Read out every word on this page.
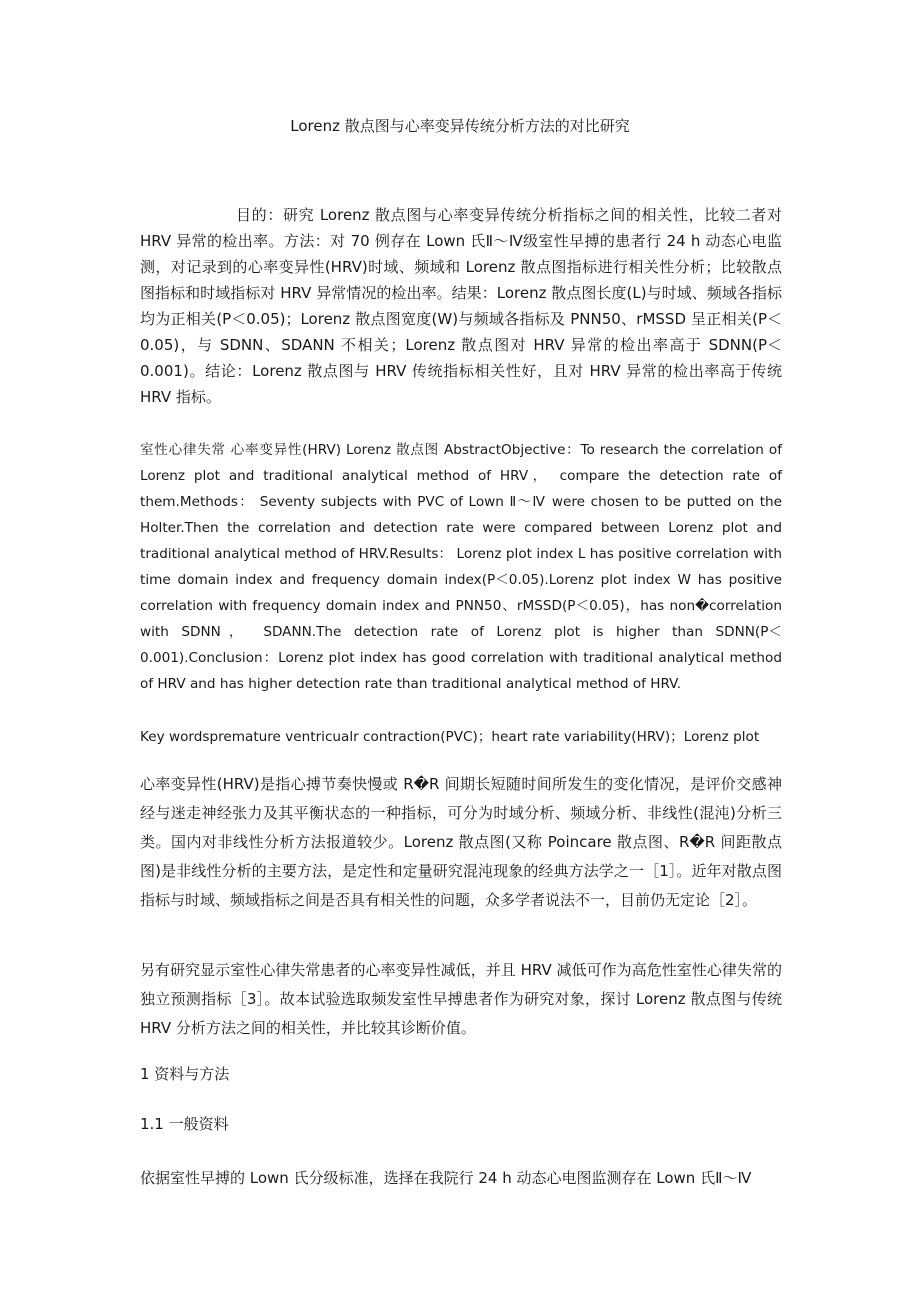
Lorenz 散点图与心率变异传统分析方法的对比研究

目的：研究 Lorenz 散点图与心率变异传统分析指标之间的相关性，比较二者对 HRV 异常的检出率。方法：对 70 例存在 Lown 氏Ⅱ～Ⅳ级室性早搏的患者行 24 h 动态心电监测，对记录到的心率变异性(HRV)时域、频域和 Lorenz 散点图指标进行相关性分析；比较散点图指标和时域指标对 HRV 异常情况的检出率。结果：Lorenz 散点图长度(L)与时域、频域各指标均为正相关(P＜0.05)；Lorenz 散点图宽度(W)与频域各指标及 PNN50、rMSSD 呈正相关(P＜0.05)，与 SDNN、SDANN 不相关；Lorenz 散点图对 HRV 异常的检出率高于 SDNN(P＜0.001)。结论：Lorenz 散点图与 HRV 传统指标相关性好，且对 HRV 异常的检出率高于传统 HRV 指标。

室性心律失常 心率变异性(HRV) Lorenz 散点图 AbstractObjective：To research the correlation of Lorenz plot and traditional analytical method of HRV， compare the detection rate of them.Methods： Seventy subjects with PVC of Lown Ⅱ～Ⅳ were chosen to be putted on the Holter.Then the correlation and detection rate were compared between Lorenz plot and traditional analytical method of HRV.Results： Lorenz plot index L has positive correlation with time domain index and frequency domain index(P＜0.05).Lorenz plot index W has positive correlation with frequency domain index and PNN50、rMSSD(P＜0.05)，has non�correlation with SDNN， SDANN.The detection rate of Lorenz plot is higher than SDNN(P＜0.001).Conclusion：Lorenz plot index has good correlation with traditional analytical method of HRV and has higher detection rate than traditional analytical method of HRV.

Key wordspremature ventricualr contraction(PVC)；heart rate variability(HRV)；Lorenz plot

心率变异性(HRV)是指心搏节奏快慢或 R�R 间期长短随时间所发生的变化情况，是评价交感神经与迷走神经张力及其平衡状态的一种指标，可分为时域分析、频域分析、非线性(混沌)分析三类。国内对非线性分析方法报道较少。Lorenz 散点图(又称 Poincare 散点图、R�R 间距散点图)是非线性分析的主要方法，是定性和定量研究混沌现象的经典方法学之一［1］。近年对散点图指标与时域、频域指标之间是否具有相关性的问题，众多学者说法不一，目前仍无定论［2］。

另有研究显示室性心律失常患者的心率变异性减低，并且 HRV 减低可作为高危性室性心律失常的独立预测指标［3］。故本试验选取频发室性早搏患者作为研究对象，探讨 Lorenz 散点图与传统 HRV 分析方法之间的相关性，并比较其诊断价值。

1 资料与方法
1.1 一般资料

依据室性早搏的 Lown 氏分级标准，选择在我院行 24 h 动态心电图监测存在 Lown 氏Ⅱ～Ⅳ
